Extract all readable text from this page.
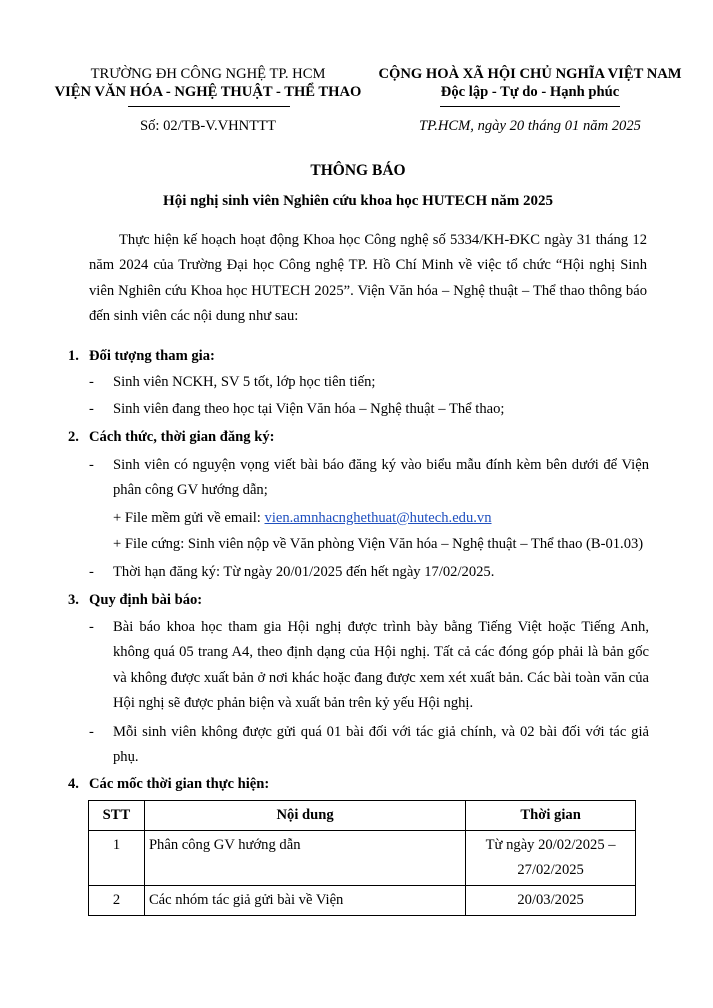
TRƯỜNG ĐH CÔNG NGHỆ TP. HCM
VIỆN VĂN HÓA - NGHỆ THUẬT - THỂ THAO
CỘNG HOÀ XÃ HỘI CHỦ NGHĨA VIỆT NAM
Độc lập - Tự do - Hạnh phúc
Số: 02/TB-V.VHNTTT	TP.HCM, ngày 20 tháng 01 năm 2025
THÔNG BÁO
Hội nghị sinh viên Nghiên cứu khoa học HUTECH năm 2025
Thực hiện kế hoạch hoạt động Khoa học Công nghệ số 5334/KH-ĐKC ngày 31 tháng 12 năm 2024 của Trường Đại học Công nghệ TP. Hồ Chí Minh về việc tổ chức “Hội nghị Sinh viên Nghiên cứu Khoa học HUTECH 2025”. Viện Văn hóa – Nghệ thuật – Thể thao thông báo đến sinh viên các nội dung như sau:
1. Đối tượng tham gia:
- Sinh viên NCKH, SV 5 tốt, lớp học tiên tiến;
- Sinh viên đang theo học tại Viện Văn hóa – Nghệ thuật – Thể thao;
2. Cách thức, thời gian đăng ký:
- Sinh viên có nguyện vọng viết bài báo đăng ký vào biểu mẫu đính kèm bên dưới để Viện phân công GV hướng dẫn;
+ File mềm gửi về email: vien.amnhacnghethuat@hutech.edu.vn
+ File cứng: Sinh viên nộp về Văn phòng Viện Văn hóa – Nghệ thuật – Thể thao (B-01.03)
- Thời hạn đăng ký: Từ ngày 20/01/2025 đến hết ngày 17/02/2025.
3. Quy định bài báo:
- Bài báo khoa học tham gia Hội nghị được trình bày bằng Tiếng Việt hoặc Tiếng Anh, không quá 05 trang A4, theo định dạng của Hội nghị. Tất cả các đóng góp phải là bản gốc và không được xuất bản ở nơi khác hoặc đang được xem xét xuất bản. Các bài toàn văn của Hội nghị sẽ được phản biện và xuất bản trên kỷ yếu Hội nghị.
- Mỗi sinh viên không được gửi quá 01 bài đối với tác giả chính, và 02 bài đối với tác giả phụ.
4. Các mốc thời gian thực hiện:
STT	Nội dung	Thời gian
1	Phân công GV hướng dẫn	Từ ngày 20/02/2025 –
27/02/2025

2	Các nhóm tác giả gửi bài về Viện	20/03/2025
